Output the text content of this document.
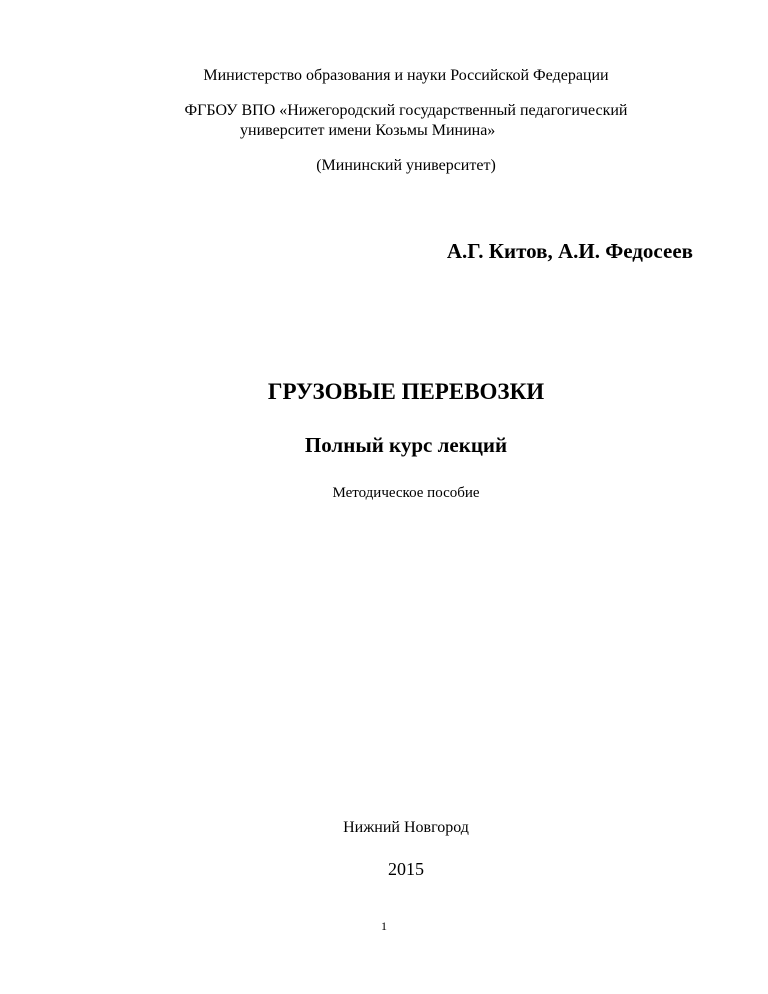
Министерство образования и науки Российской Федерации
ФГБОУ ВПО «Нижегородский государственный педагогический
университет имени Козьмы Минина»
(Мининский университет)
А.Г. Китов, А.И. Федосеев
ГРУЗОВЫЕ ПЕРЕВОЗКИ
Полный курс лекций
Методическое пособие
Нижний Новгород
2015
1
